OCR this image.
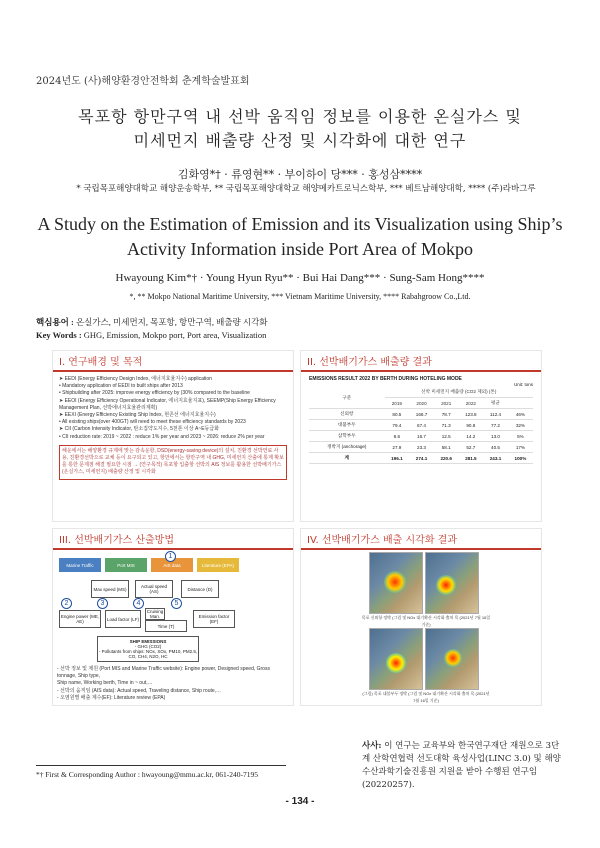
2024년도 (사)해양환경안전학회 춘계학술발표회
목포항 항만구역 내 선박 움직임 정보를 이용한 온실가스 및
미세먼지 배출량 산정 및 시각화에 대한 연구
김화영*† · 류영현** · 부이하이 당*** · 홍성삼****
* 국립목포해양대학교 해양운송학부, ** 국립목포해양대학교 해양메카트로닉스학부, *** 베트남해양대학, **** (주)라바그루
A Study on the Estimation of Emission and its Visualization using Ship’s
Activity Information inside Port Area of Mokpo
Hwayoung Kim*† · Young Hyun Ryu** · Bui Hai Dang*** · Sung-Sam Hong****
*, ** Mokpo National Maritime University, *** Vietnam Maritime University, **** Rabahgroow Co.,Ltd.
핵심용어 : 온실가스, 미세먼지, 목포항, 항만구역, 배출량 시각화
Key Words : GHG, Emission, Mokpo port, Port area, Visualization
I. 연구배경 및 목적
➤ EEDI (Energy Efficiency Design Index, 에너지효율지수) application
• Mandatory application of EEDI to built ships after 2013
• Shipbuilding after 2025: improve energy efficiency by (30% compared to the baseline
➤ EEOI (Energy Efficiency Operational Indicator, 에너지효율지표), SEEMP(Ship Energy Efficiency
Management Plan, 선박에너지효율관리계획)
➤ EEXI (Energy Efficiency Existing Ship Index, 현존선 에너지효율지수)
• All existing ships(over 400GT) will need to meet these efficiency standards by 2023
➤ CII (Carbon Intensity Indicator, 탄소집약도지수, 5천톤 이상 A~E등급화
• CII reduction rate: 2019 ~ 2022 : reduce 1% per year and 2023 ~ 2026: reduce 2% per year
해운에서는 해양환경 규제에 맞는 감속운항, DSD(energy-saving device)의 설치, 친환경 선박연료 사용, 친환경선박으로 교체 등이 요구되고 있고, 항만에서는 항만구역 내 GHG, 미세먼지 산출에 통계 확보를 통한 문제점 해결 필요한 시점 → (연구목적) 목포항 입출항 선박의 AIS 정보를 활용한 선박배기가스(온실가스, 미세먼지) 배출량 산정 및 시각화
II. 선박배기가스 배출량 결과
EMISSIONS RESULT 2022 BY BERTH DURING HOTELING MODE
Unit: tons
구분	선박 미세먼지 배출량 (CO2 제외) (톤)					
	2019	2020	2021	2022	평균	
신외항	80.5	166.7	78.7	123.8	112.4	46%
대불부두	79.4	67.4	71.3	90.8	77.2	32%
삼학부두	8.6	16.7	12.5	14.2	13.0	5%
정박지 (anchorage)	27.9	23.3	58.1	52.7	40.5	17%
계	196.1	274.1	220.6	281.5	243.1	100%
III. 선박배기가스 산출방법
Marine Traffic	Port MIS	AIS data	Literature (EPA)
Max speed (MS)	Actual speed (AS)	Distance (D)
Engine power (ME, AE)	Load factor (LF)
Cruising Man.
Time (T)
Emission factor (EF)
1
2	3	4	5
SHIP EMISSIONS
- GHG (CO2)
- Pollutants from ships: NOx, SOx, PM10, PM2.5, CO, CH4, N2O, HC
- 선박 정보 및 제원 (Port MIS and Marine Traffic website): Engine power, Designed speed, Gross tonnage, Ship type,
Ship name, Working berth, Time in ~ out,…
- 선박의 움직임 (AIS data): Actual speed, Traveling distance, Ship route,…
- 오염원별 배출 계수(EF): Literature review (EPA)
IV. 선박배기가스 배출 시각화 결과
목포 신외항 정박 (그림 및 NOx 대기확산 시각화 출처 목 (2021년 7월 16일 기준)
(그림) 목포 대불부두 정박 (그림 및 NOx 대기확산 시각화 출처 목 (2021년 7월 16일 기준)
사사: 이 연구는 교육부와 한국연구재단 재원으로 3단계 산학연협력 선도대학 육성사업(LINC 3.0) 및 해양수산과학기술진흥원 지원을 받아 수행된 연구임(20220257).
*† First & Corresponding Author : hwayoung@mmu.ac.kr, 061-240-7195
- 134 -
